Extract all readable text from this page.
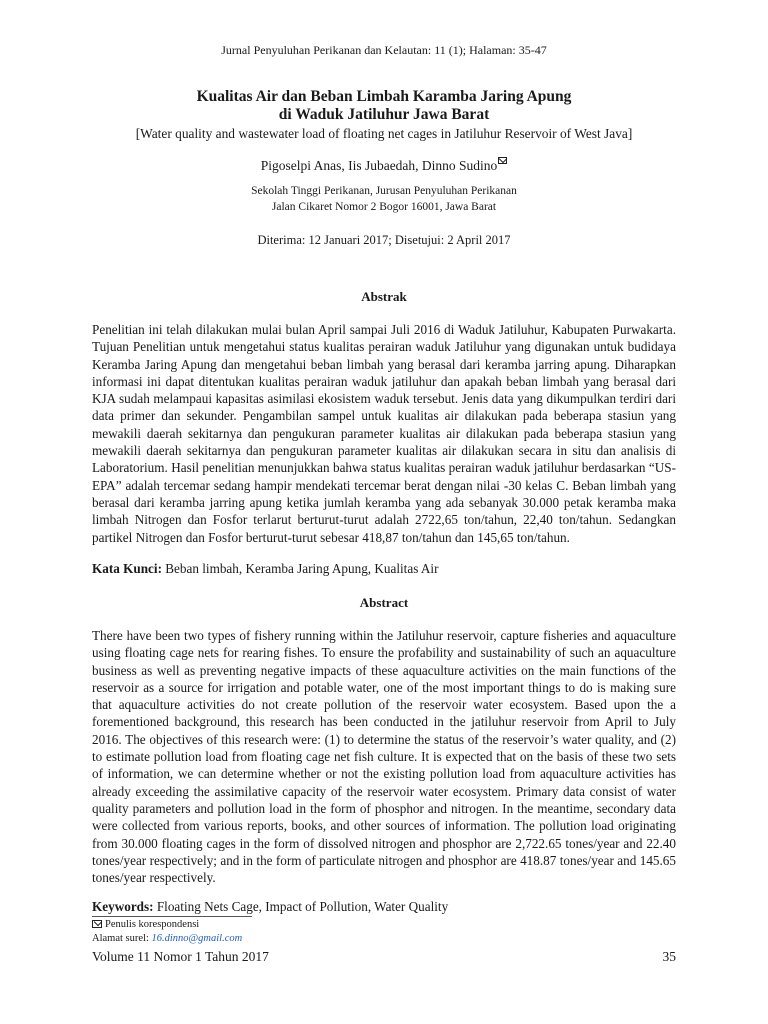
Jurnal Penyuluhan Perikanan dan Kelautan: 11 (1); Halaman: 35-47

Kualitas Air dan Beban Limbah Karamba Jaring Apung

di Waduk Jatiluhur Jawa Barat

[Water quality and wastewater load of floating net cages in Jatiluhur Reservoir of West Java]
Pigoselpi Anas, Iis Jubaedah, Dinno Sudino
Sekolah Tinggi Perikanan, Jurusan Penyuluhan Perikanan
Jalan Cikaret Nomor 2 Bogor 16001, Jawa Barat
Diterima: 12 Januari 2017; Disetujui: 2 April 2017
Abstrak

Penelitian ini telah dilakukan mulai bulan April sampai Juli 2016 di Waduk Jatiluhur, Kabupaten Purwakarta. Tujuan Penelitian untuk mengetahui status kualitas perairan waduk Jatiluhur yang digunakan untuk budidaya Keramba Jaring Apung dan mengetahui beban limbah yang berasal dari keramba jarring apung. Diharapkan informasi ini dapat ditentukan kualitas perairan waduk jatiluhur dan apakah beban limbah yang berasal dari KJA sudah melampaui kapasitas asimilasi ekosistem waduk tersebut. Jenis data yang dikumpulkan terdiri dari data primer dan sekunder. Pengambilan sampel untuk kualitas air dilakukan pada beberapa stasiun yang mewakili daerah sekitarnya dan pengukuran parameter kualitas air dilakukan pada beberapa stasiun yang mewakili daerah sekitarnya dan pengukuran parameter kualitas air dilakukan secara in situ dan analisis di Laboratorium. Hasil penelitian menunjukkan bahwa status kualitas perairan waduk jatiluhur berdasarkan “US-EPA” adalah tercemar sedang hampir mendekati tercemar berat dengan nilai -30 kelas C. Beban limbah yang berasal dari keramba jarring apung ketika jumlah keramba yang ada sebanyak 30.000 petak keramba maka limbah Nitrogen dan Fosfor terlarut berturut-turut adalah 2722,65 ton/tahun, 22,40 ton/tahun. Sedangkan partikel Nitrogen dan Fosfor berturut-turut sebesar 418,87 ton/tahun dan 145,65 ton/tahun.

Kata Kunci: Beban limbah, Keramba Jaring Apung, Kualitas Air
Abstract

There have been two types of fishery running within the Jatiluhur reservoir, capture fisheries and aquaculture using floating cage nets for rearing fishes. To ensure the profability and sustainability of such an aquaculture business as well as preventing negative impacts of these aquaculture activities on the main functions of the reservoir as a source for irrigation and potable water, one of the most important things to do is making sure that aquaculture activities do not create pollution of the reservoir water ecosystem. Based upon the a forementioned background, this research has been conducted in the jatiluhur reservoir from April to July 2016. The objectives of this research were: (1) to determine the status of the reservoir’s water quality, and (2) to estimate pollution load from floating cage net fish culture. It is expected that on the basis of these two sets of information, we can determine whether or not the existing pollution load from aquaculture activities has already exceeding the assimilative capacity of the reservoir water ecosystem. Primary data consist of water quality parameters and pollution load in the form of phosphor and nitrogen. In the meantime, secondary data were collected from various reports, books, and other sources of information. The pollution load originating from 30.000 floating cages in the form of dissolved nitrogen and phosphor are 2,722.65 tones/year and 22.40 tones/year respectively; and in the form of particulate nitrogen and phosphor are 418.87 tones/year and 145.65 tones/year respectively.

Keywords: Floating Nets Cage, Impact of Pollution, Water Quality
Penulis korespondensi
Alamat surel: 16.dinno@gmail.com
Volume 11 Nomor 1 Tahun 2017	35
